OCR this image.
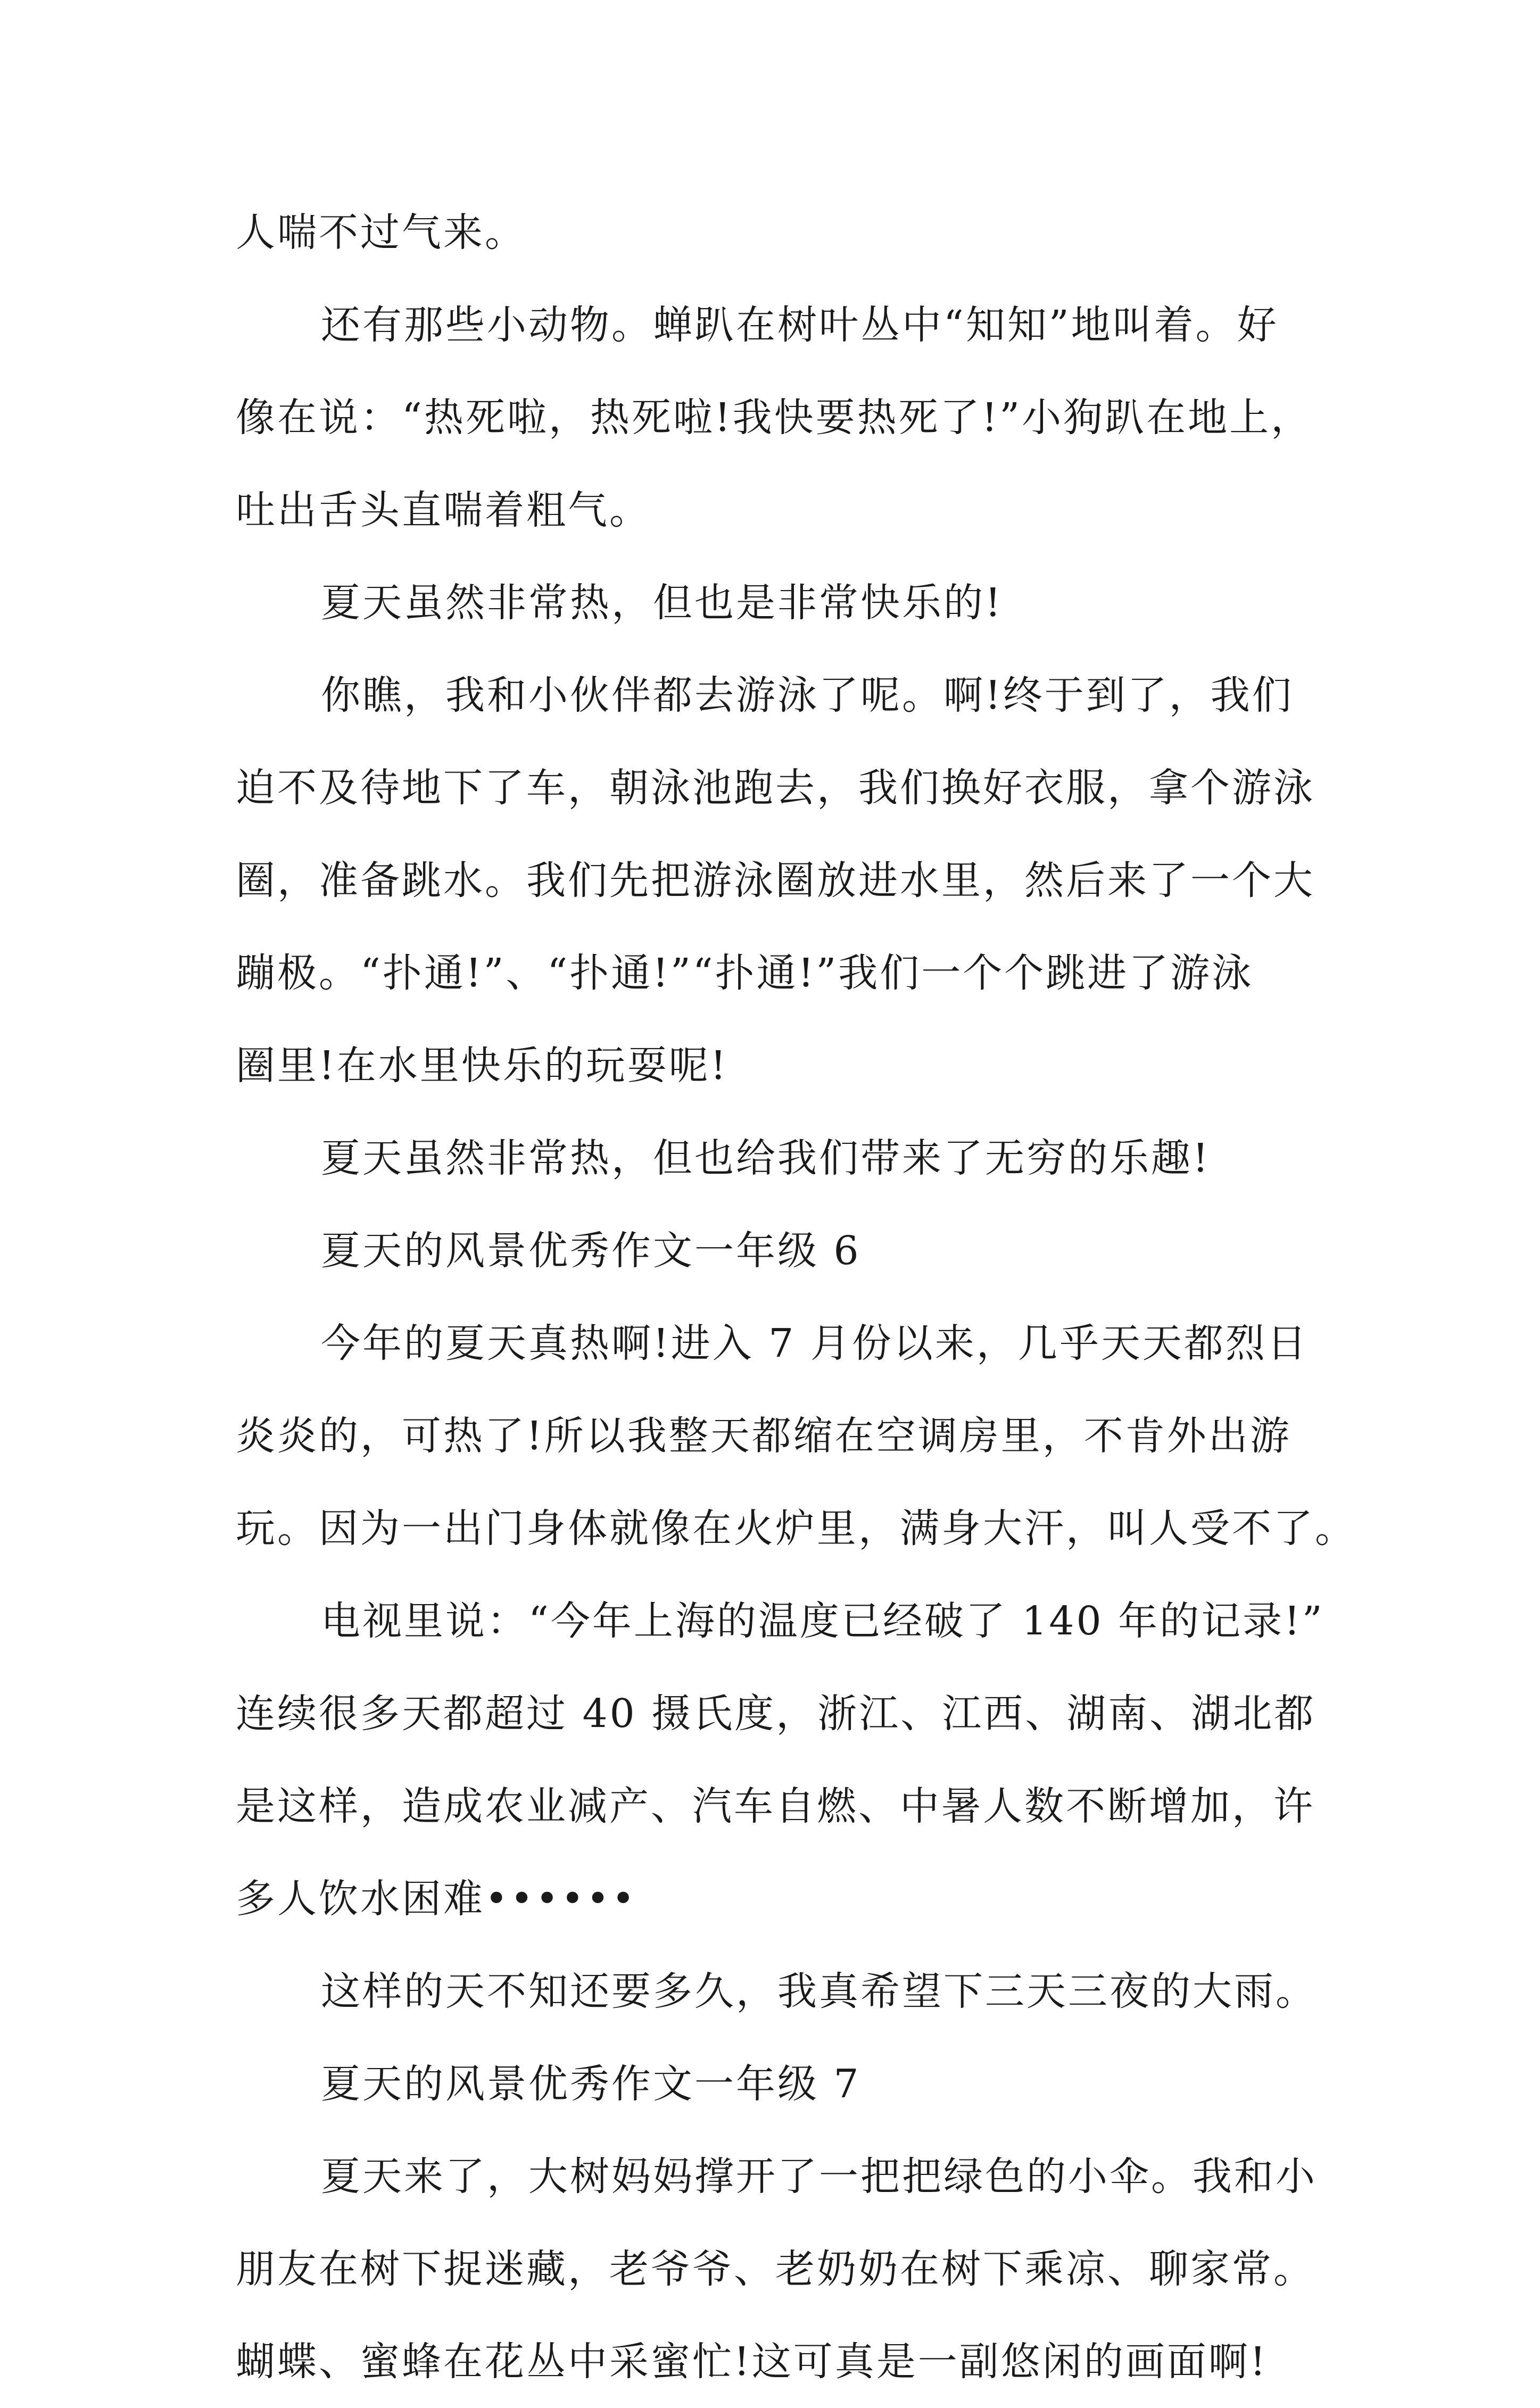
人喘不过气来。
还有那些小动物。蝉趴在树叶丛中“知知”地叫着。好
像在说：“热死啦，热死啦!我快要热死了!”小狗趴在地上，
吐出舌头直喘着粗气。
夏天虽然非常热，但也是非常快乐的!
你瞧，我和小伙伴都去游泳了呢。啊!终于到了，我们
迫不及待地下了车，朝泳池跑去，我们换好衣服，拿个游泳
圈，准备跳水。我们先把游泳圈放进水里，然后来了一个大
蹦极。“扑通!”、“扑通!”“扑通!”我们一个个跳进了游泳
圈里!在水里快乐的玩耍呢!
夏天虽然非常热，但也给我们带来了无穷的乐趣!
夏天的风景优秀作文一年级 6
今年的夏天真热啊!进入 7 月份以来，几乎天天都烈日
炎炎的，可热了!所以我整天都缩在空调房里，不肯外出游
玩。因为一出门身体就像在火炉里，满身大汗，叫人受不了。
电视里说：“今年上海的温度已经破了 140 年的记录!”
连续很多天都超过 40 摄氏度，浙江、江西、湖南、湖北都
是这样，造成农业减产、汽车自燃、中暑人数不断增加，许
多人饮水困难••••••
这样的天不知还要多久，我真希望下三天三夜的大雨。
夏天的风景优秀作文一年级 7
夏天来了，大树妈妈撑开了一把把绿色的小伞。我和小
朋友在树下捉迷藏，老爷爷、老奶奶在树下乘凉、聊家常。
蝴蝶、蜜蜂在花丛中采蜜忙!这可真是一副悠闲的画面啊!
